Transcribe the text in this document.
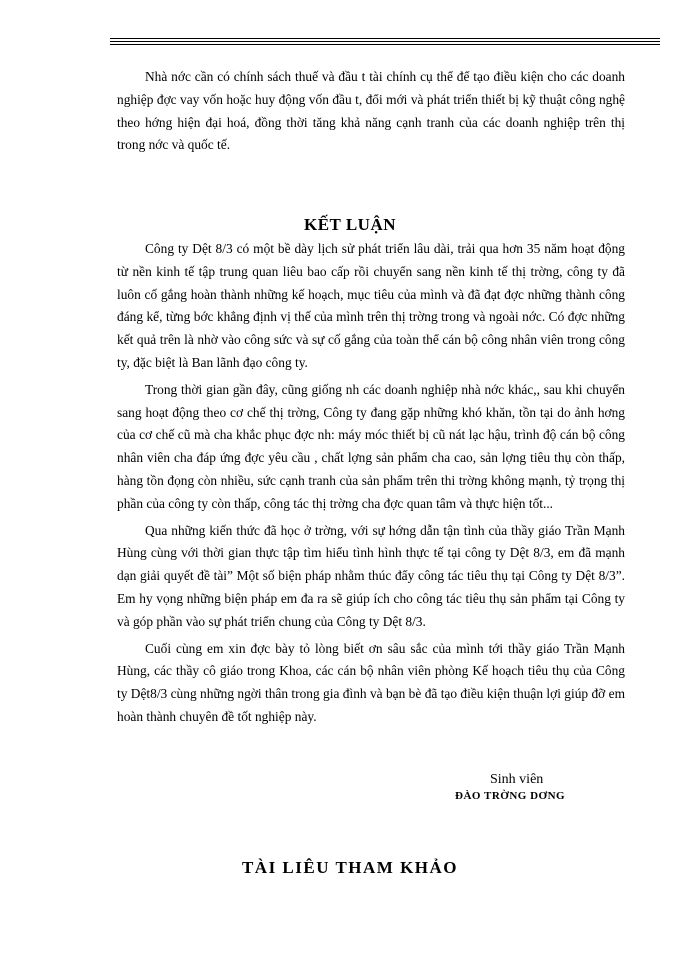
Nhà nớc cần có chính sách thuế và đầu t tài chính cụ thể để tạo điều kiện cho các doanh nghiệp đợc vay vốn hoặc huy động vốn đầu t, đổi mới và phát triển thiết bị kỹ thuật công nghệ theo hớng hiện đại hoá, đồng thời tăng khả năng cạnh tranh của các doanh nghiệp trên thị trong nớc và quốc tế.

KẾT LUẬN

Công ty Dệt 8/3 có một bề dày lịch sử phát triển lâu dài, trải qua hơn 35 năm hoạt động từ nền kinh tế tập trung quan liêu bao cấp rồi chuyển sang nền kinh tế thị trờng, công ty đã luôn cố gắng hoàn thành những kế hoạch, mục tiêu của mình và đã đạt đợc những thành công đáng kể, từng bớc khẳng định vị thế của mình trên thị trờng trong và ngoài nớc. Có đợc những kết quả trên là nhờ vào công sức và sự cố gắng của toàn thể cán bộ công nhân viên trong công ty, đặc biệt là Ban lãnh đạo công ty.

Trong thời gian gần đây, cũng giống nh các doanh nghiệp nhà nớc khác,, sau khi chuyển sang hoạt động theo cơ chế thị trờng, Công ty đang gặp những khó khăn, tồn tại do ảnh hơng của cơ chế cũ mà cha khắc phục đợc nh: máy móc thiết bị cũ nát lạc hậu, trình độ cán bộ công nhân viên cha đáp ứng đợc yêu cầu , chất lợng sản phẩm cha cao, sản lợng tiêu thụ còn thấp, hàng tồn đọng còn nhiều, sức cạnh tranh của sản phẩm trên thi trờng không mạnh, tỷ trọng thị phần của công ty còn thấp, công tác thị trờng cha đợc quan tâm và thực hiện tốt...

Qua những kiến thức đã học ở trờng, với sự hớng dẫn tận tình của thầy giáo Trần Mạnh Hùng cùng với thời gian thực tập tìm hiểu tình hình thực tế tại công ty Dệt 8/3, em đã mạnh dạn giải quyết đề tài” Một số biện pháp nhằm thúc đẩy công tác tiêu thụ tại Công ty Dệt 8/3”. Em hy vọng những biện pháp em đa ra sẽ giúp ích cho công tác tiêu thụ sản phẩm tại Công ty và góp phần vào sự phát triển chung của Công ty Dệt 8/3.

Cuối cùng em xin đợc bày tỏ lòng biết ơn sâu sắc của mình tới thầy giáo Trần Mạnh Hùng, các thầy cô giáo trong Khoa, các cán bộ nhân viên phòng Kế hoạch tiêu thụ của Công ty Dệt8/3 cùng những ngời thân trong gia đình và bạn bè đã tạo điều kiện thuận lợi giúp đỡ em hoàn thành chuyên đề tốt nghiệp này.

Sinh viên

ĐÀO TRỜNG DƠNG

TÀI LIÊU THAM KHẢO
